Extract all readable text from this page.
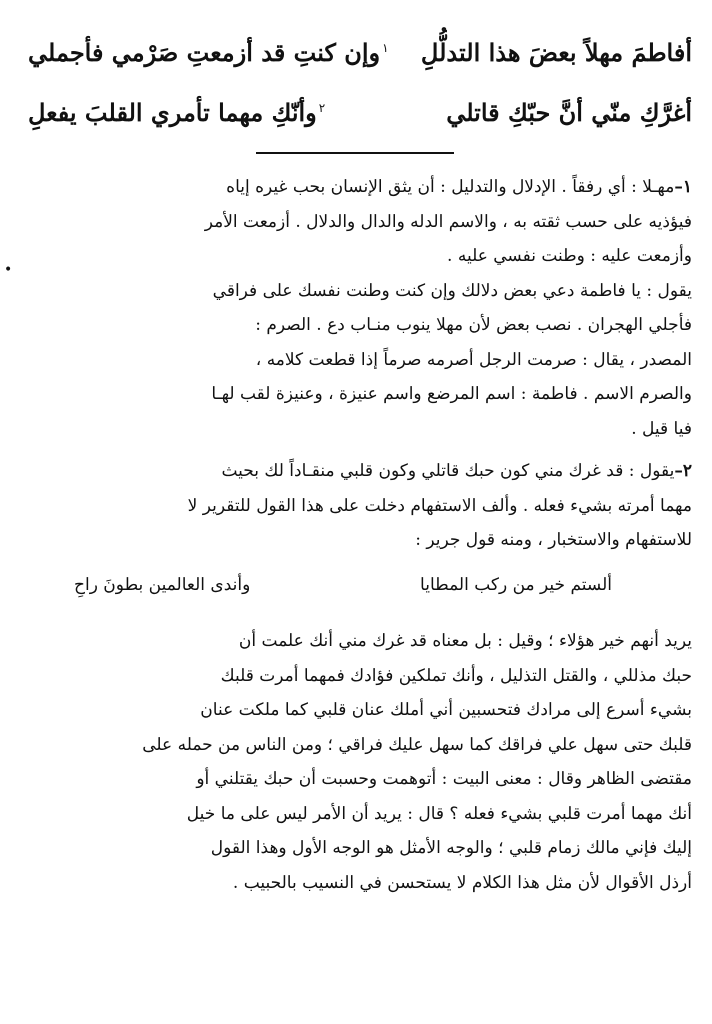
أفاطمَ مهلاً بعضَ هذا التدلُّلِ
$^١$وإن كنتِ قد أزمعتِ صَرْمي فأجملي
أغرَّكِ منّي أنَّ حبّكِ قاتلي
$^٢$وأنّكِ مهما تأمري القلبَ يفعلِ
•

١–مهـلا : أي رفقاً . الإدلال والتدليل : أن يثق الإنسان بحب غيره إياه

فيؤذيه على حسب ثقته به ، والاسم الدله والدال والدلال . أزمعت الأمر

وأزمعت عليه : وطنت نفسي عليه .

يقول : يا فاطمة دعي بعض دلالك وإن كنت وطنت نفسك على فراقي

فأجلي الهجران . نصب بعض لأن مهلا ينوب منـاب دع . الصرم :

المصدر ، يقال : صرمت الرجل أصرمه صرماً إذا قطعت كلامه ،

والصرم الاسم . فاطمة : اسم المرضع واسم عنيزة ، وعنيزة لقب لهـا

فيا قيل .

٢–يقول : قد غرك مني كون حبك قاتلي وكون قلبي منقـاداً لك بحيث

مهما أمرته بشيء فعله . وألف الاستفهام دخلت على هذا القول للتقرير لا

للاستفهام والاستخبار ، ومنه قول جرير :

ألستم خير من ركب المطايا
وأندى العالمين بطونَ راحِ

يريد أنهم خير هؤلاء ؛ وقيل : بل معناه قد غرك مني أنك علمت أن

حبك مذللي ، والقتل التذليل ، وأنك تملكين فؤادك فمهما أمرت قلبك

بشيء أسرع إلى مرادك فتحسبين أني أملك عنان قلبي كما ملكت عنان

قلبك حتى سهل علي فراقك كما سهل عليك فراقي ؛ ومن الناس من حمله على

مقتضى الظاهر وقال : معنى البيت : أتوهمت وحسبت أن حبك يقتلني أو

أنك مهما أمرت قلبي بشيء فعله ؟ قال : يريد أن الأمر ليس على ما خيل

إليك فإني مالك زمام قلبي ؛ والوجه الأمثل هو الوجه الأول وهذا القول

أرذل الأقوال لأن مثل هذا الكلام لا يستحسن في النسيب بالحبيب .
